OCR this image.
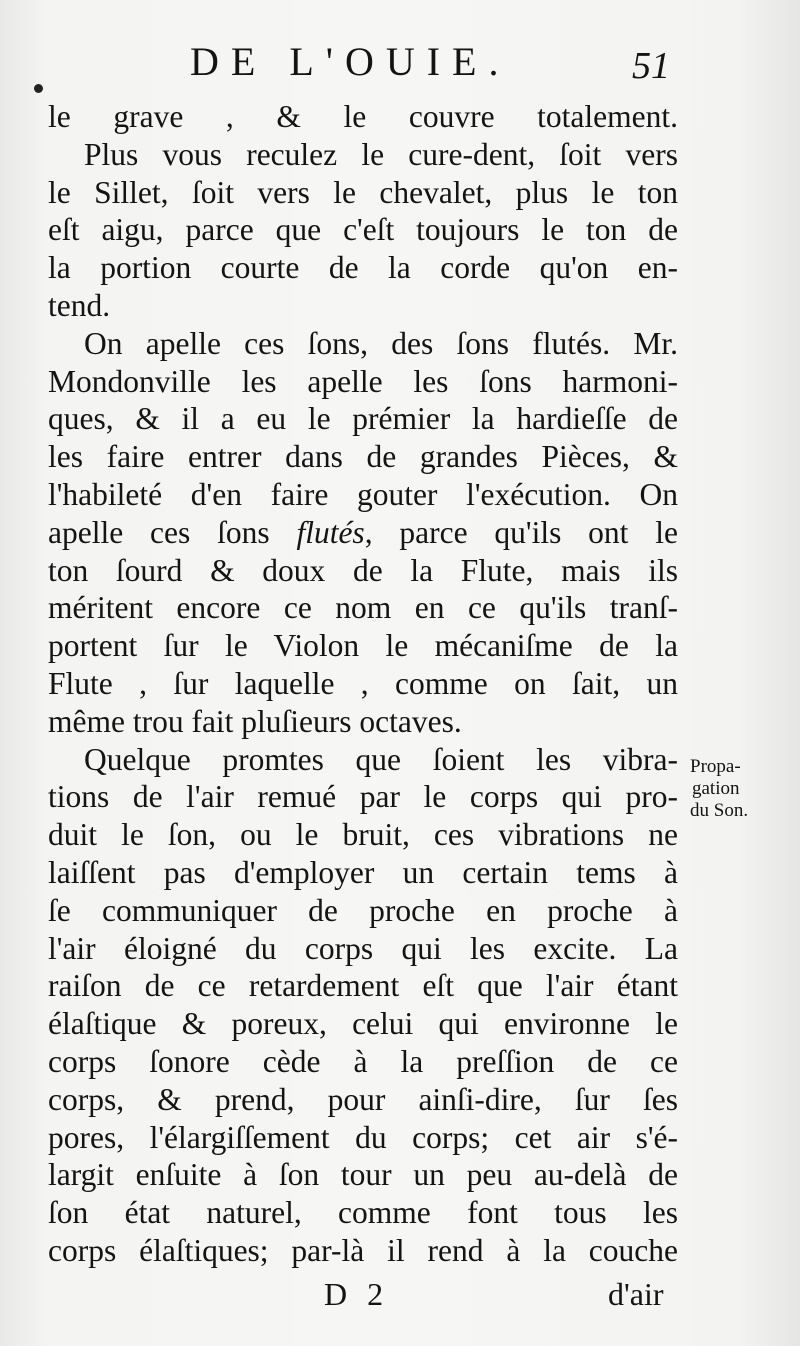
DE L'OUIE.	51
le grave , & le couvre totalement.
Plus vous reculez le cure-dent, ſoit vers
le Sillet, ſoit vers le chevalet, plus le ton
eſt aigu, parce que c'eſt toujours le ton de
la portion courte de la corde qu'on en-
tend.
On apelle ces ſons, des ſons flutés. Mr.
Mondonville les apelle les ſons harmoni-
ques, & il a eu le prémier la hardieſſe de
les faire entrer dans de grandes Pièces, &
l'habileté d'en faire gouter l'exécution. On
apelle ces ſons flutés, parce qu'ils ont le
ton ſourd & doux de la Flute, mais ils
méritent encore ce nom en ce qu'ils tranſ-
portent ſur le Violon le mécaniſme de la
Flute , ſur laquelle , comme on ſait, un
même trou fait pluſieurs octaves.
Quelque promtes que ſoient les vibra-
tions de l'air remué par le corps qui pro-
duit le ſon, ou le bruit, ces vibrations ne
laiſſent pas d'employer un certain tems à
ſe communiquer de proche en proche à
l'air éloigné du corps qui les excite. La
raiſon de ce retardement eſt que l'air étant
élaſtique & poreux, celui qui environne le
corps ſonore cède à la preſſion de ce
corps, & prend, pour ainſi-dire, ſur ſes
pores, l'élargiſſement du corps; cet air s'é-
largit enſuite à ſon tour un peu au-delà de
ſon état naturel, comme font tous les
corps élaſtiques; par-là il rend à la couche
Propa-
gation
du Son.
D 2	d'air
